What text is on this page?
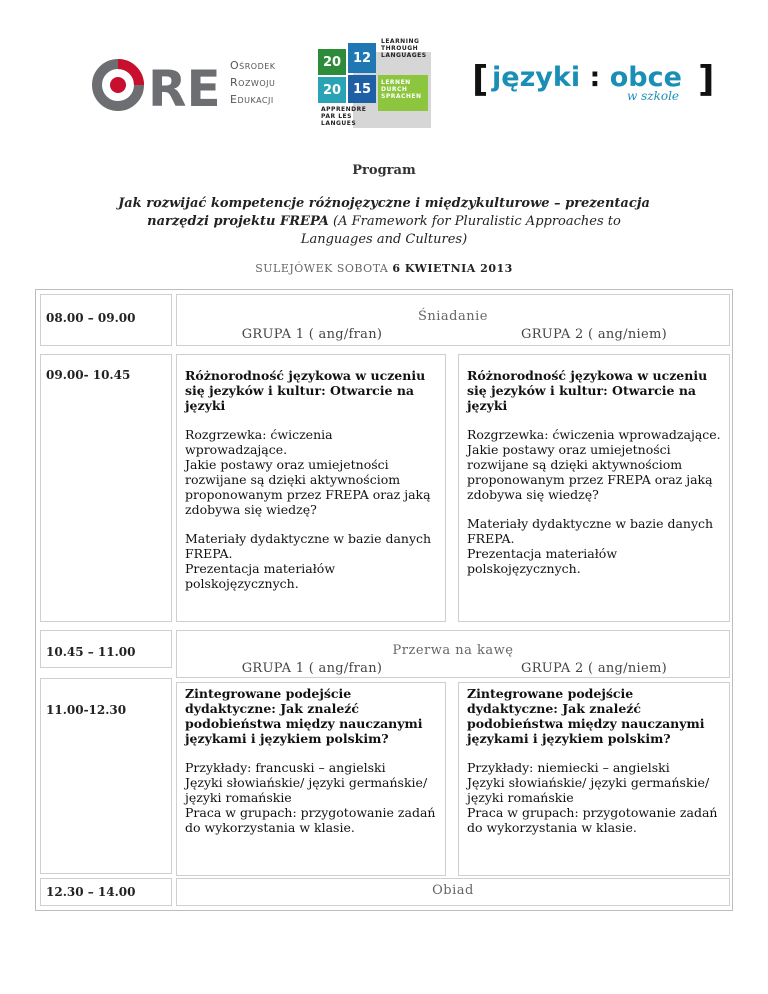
RE Ośrodek
Rozwoju
Edukacji
20 12
20 15
LEARNING
THROUGH
LANGUAGES
LERNEN
DURCH
SPRACHEN
APPRENDRE
PAR LES
LANGUES
[ języki : obce ]
w szkole
Program
Jak rozwijać kompetencje różnojęzyczne i międzykulturowe – prezentacja
narzędzi projektu FREPA (A Framework for Pluralistic Approaches to
Languages and Cultures)
SULEJÓWEK SOBOTA 6 KWIETNIA 2013
08.00 – 09.00
09.00- 10.45
10.45 – 11.00
11.00-12.30
12.30 – 14.00
Śniadanie
GRUPA 1 ( ang/fran)	GRUPA 2 ( ang/niem)
Różnorodność językowa w uczeniu się jezyków i kultur: Otwarcie na języki
Rozgrzewka: ćwiczenia wprowadzające.
Jakie postawy oraz umiejetności rozwijane są dzięki aktywnościom proponowanym przez FREPA oraz jaką zdobywa się wiedzę?
Materiały dydaktyczne w bazie danych FREPA.
Prezentacja materiałów polskojęzycznych.
Różnorodność językowa w uczeniu się jezyków i kultur: Otwarcie na języki
Rozgrzewka: ćwiczenia wprowadzające.
Jakie postawy oraz umiejetności rozwijane są dzięki aktywnościom proponowanym przez FREPA oraz jaką zdobywa się wiedzę?
Materiały dydaktyczne w bazie danych FREPA.
Prezentacja materiałów polskojęzycznych.
Przerwa na kawę
GRUPA 1 ( ang/fran)	GRUPA 2 ( ang/niem)
Zintegrowane podejście dydaktyczne: Jak znaleźć podobieństwa między nauczanymi językami i językiem polskim?
Przykłady: francuski – angielski
Języki słowiańskie/ języki germańskie/ języki romańskie
Praca w grupach: przygotowanie zadań do wykorzystania w klasie.
Zintegrowane podejście dydaktyczne: Jak znaleźć podobieństwa między nauczanymi językami i językiem polskim?
Przykłady: niemiecki – angielski
Języki słowiańskie/ języki germańskie/ języki romańskie
Praca w grupach: przygotowanie zadań do wykorzystania w klasie.
Obiad
